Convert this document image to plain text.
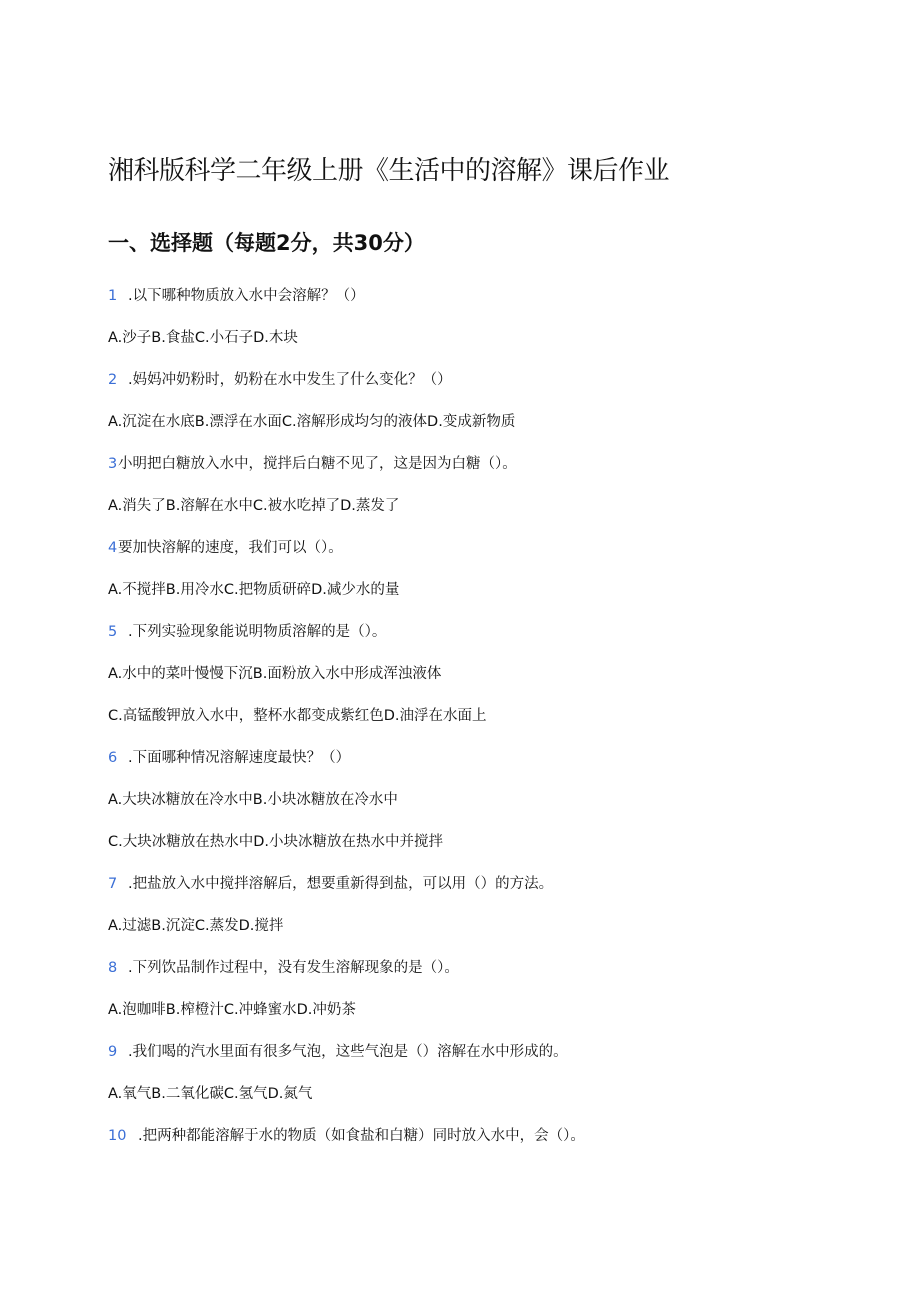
湘科版科学二年级上册《生活中的溶解》课后作业
一、选择题（每题2分，共30分）
1 .以下哪种物质放入水中会溶解？（）
A.沙子B.食盐C.小石子D.木块
2 .妈妈冲奶粉时，奶粉在水中发生了什么变化？（）
A.沉淀在水底B.漂浮在水面C.溶解形成均匀的液体D.变成新物质
3小明把白糖放入水中，搅拌后白糖不见了，这是因为白糖（）。
A.消失了B.溶解在水中C.被水吃掉了D.蒸发了
4要加快溶解的速度，我们可以（）。
A.不搅拌B.用冷水C.把物质研碎D.减少水的量
5 .下列实验现象能说明物质溶解的是（）。
A.水中的菜叶慢慢下沉B.面粉放入水中形成浑浊液体
C.高锰酸钾放入水中，整杯水都变成紫红色D.油浮在水面上
6 .下面哪种情况溶解速度最快？（）
A.大块冰糖放在冷水中B.小块冰糖放在冷水中
C.大块冰糖放在热水中D.小块冰糖放在热水中并搅拌
7 .把盐放入水中搅拌溶解后，想要重新得到盐，可以用（）的方法。
A.过滤B.沉淀C.蒸发D.搅拌
8 .下列饮品制作过程中，没有发生溶解现象的是（）。
A.泡咖啡B.榨橙汁C.冲蜂蜜水D.冲奶茶
9 .我们喝的汽水里面有很多气泡，这些气泡是（）溶解在水中形成的。
A.氧气B.二氧化碳C.氢气D.氮气
10 .把两种都能溶解于水的物质（如食盐和白糖）同时放入水中，会（）。
